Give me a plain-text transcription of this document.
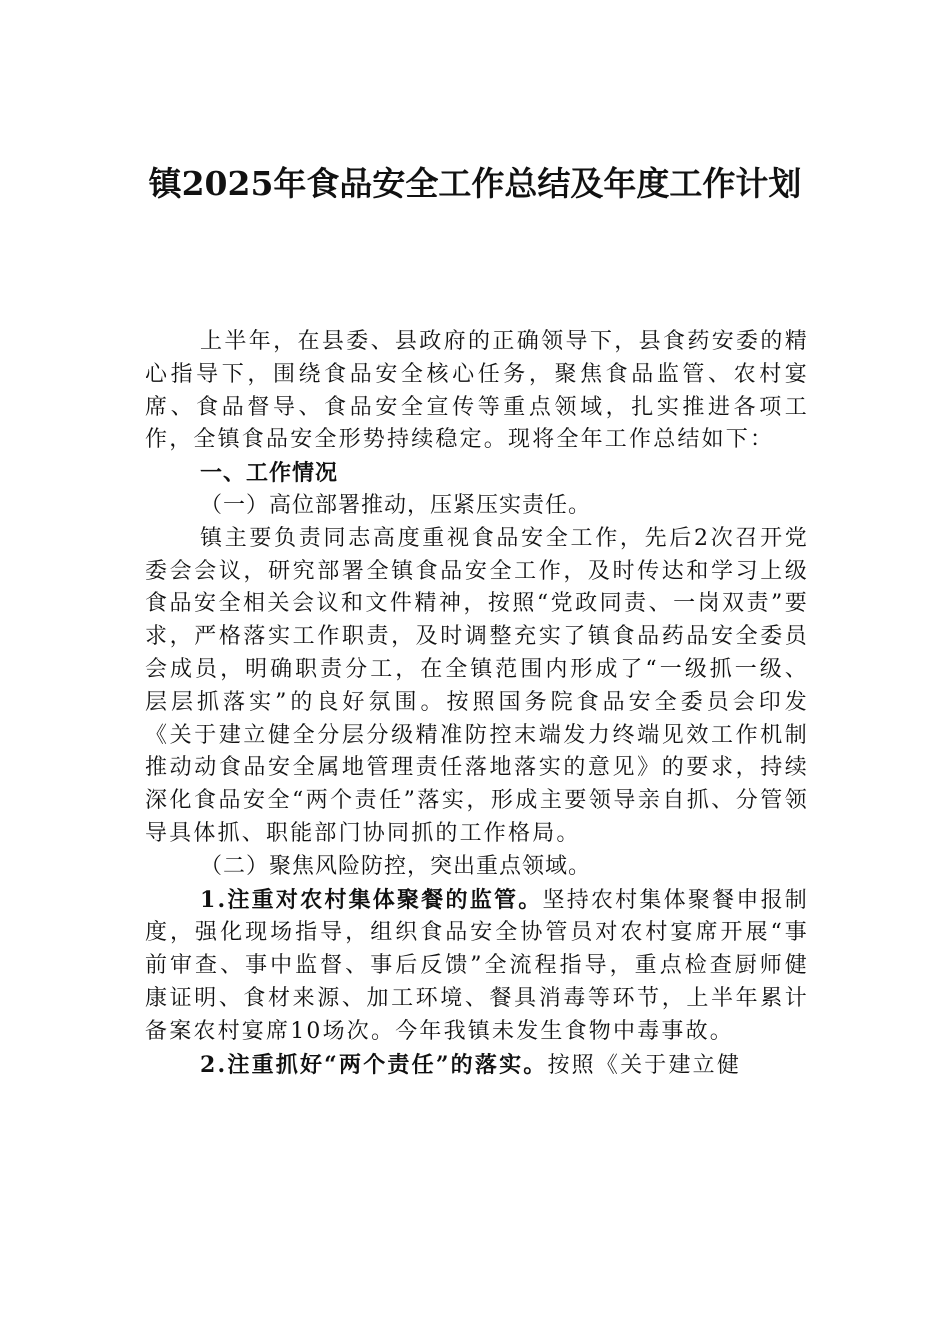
镇2025年食品安全工作总结及年度工作计划

上半年，在县委、县政府的正确领导下，县食药安委的精心指导下，围绕食品安全核心任务，聚焦食品监管、农村宴席、食品督导、食品安全宣传等重点领域，扎实推进各项工作，全镇食品安全形势持续稳定。现将全年工作总结如下：

一、工作情况

（一）高位部署推动，压紧压实责任。

镇主要负责同志高度重视食品安全工作，先后2次召开党委会会议，研究部署全镇食品安全工作，及时传达和学习上级食品安全相关会议和文件精神，按照“党政同责、一岗双责”要求，严格落实工作职责，及时调整充实了镇食品药品安全委员会成员，明确职责分工，在全镇范围内形成了“一级抓一级、层层抓落实”的良好氛围。按照国务院食品安全委员会印发《关于建立健全分层分级精准防控末端发力终端见效工作机制推动动食品安全属地管理责任落地落实的意见》的要求，持续深化食品安全“两个责任”落实，形成主要领导亲自抓、分管领导具体抓、职能部门协同抓的工作格局。

（二）聚焦风险防控，突出重点领域。

1.注重对农村集体聚餐的监管。坚持农村集体聚餐申报制度，强化现场指导，组织食品安全协管员对农村宴席开展“事前审查、事中监督、事后反馈”全流程指导，重点检查厨师健康证明、食材来源、加工环境、餐具消毒等环节，上半年累计备案农村宴席10场次。今年我镇未发生食物中毒事故。

2.注重抓好“两个责任”的落实。按照《关于建立健
